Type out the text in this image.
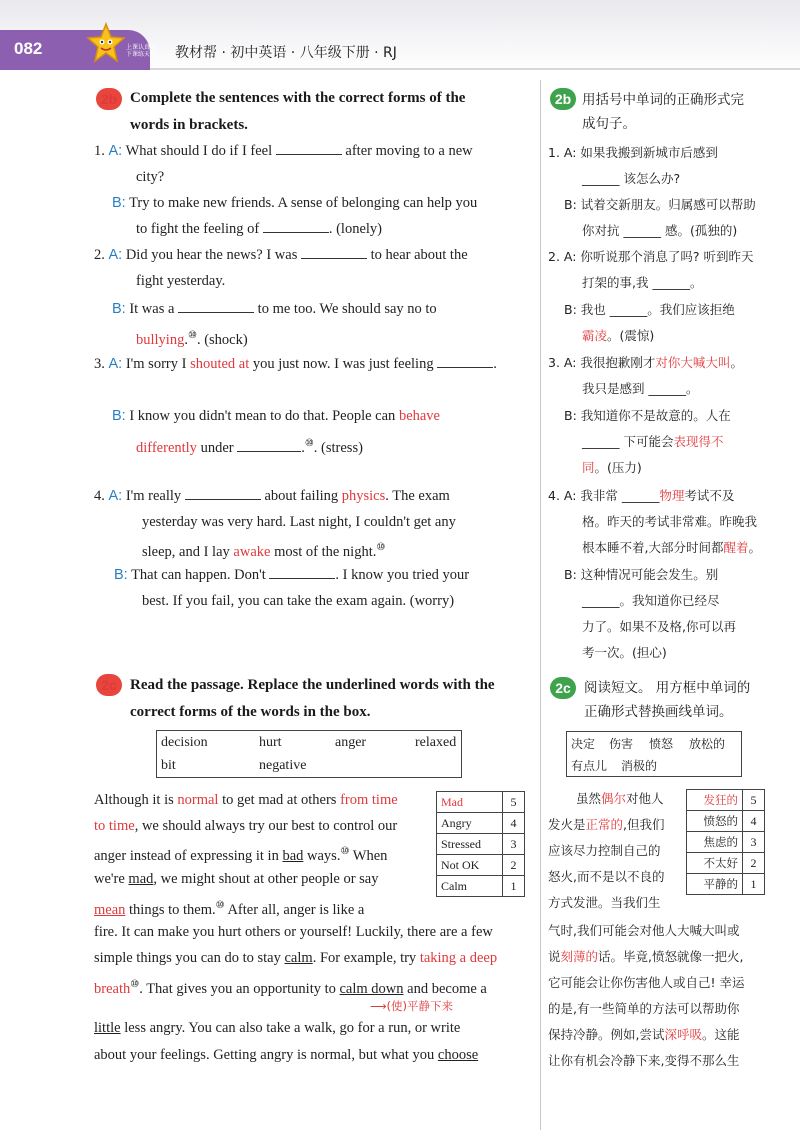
082	上课认真听 下课练天星	教材帮 · 初中英语 · 八年级下册 · RJ
2b Complete the sentences with the correct forms of the
words in brackets.
1. A: What should I do if I feel	after moving to a new
city?
B: Try to make new friends. A sense of belonging can help you
to fight the feeling of	. (lonely)
2. A: Did you hear the news? I was	to hear about the
fight yesterday.
B: It was a	to me too. We should say no to
bullying.⑩. (shock)
3. A: I'm sorry I shouted at you just now. I was just feeling	.
B: I know you didn't mean to do that. People can behave
differently under	.⑩. (stress)
4. A: I'm really	about failing physics. The exam
yesterday was very hard. Last night, I couldn't get any
sleep, and I lay awake most of the night.⑩
B: That can happen. Don't	. I know you tried your
best. If you fail, you can take the exam again. (worry)
2b 用括号中单词的正确形式完
成句子。
1. A: 如果我搬到新城市后感到
______ 该怎么办?
B: 试着交新朋友。归属感可以帮助
你对抗 ______ 感。(孤独的)
2. A: 你听说那个消息了吗? 听到昨天
打架的事,我 ______。
B: 我也 ______。我们应该拒绝
霸凌。(震惊)
3. A: 我很抱歉刚才对你大喊大叫。
我只是感到 ______。
B: 我知道你不是故意的。人在
______ 下可能会表现得不
同。(压力)
4. A: 我非常 ______物理考试不及
格。昨天的考试非常难。昨晚我
根本睡不着,大部分时间都醒着。
B: 这种情况可能会发生。别
______。我知道你已经尽
力了。如果不及格,你可以再
考一次。(担心)
2c Read the passage. Replace the underlined words with the
correct forms of the words in the box.
decision	hurt	anger	relaxed
bit	negative
Although it is normal to get mad at others from time
to time, we should always try our best to control our
anger instead of expressing it in bad ways.⑩ When
we're mad, we might shout at other people or say
mean things to them.⑩ After all, anger is like a
fire. It can make you hurt others or yourself! Luckily, there are a few
simple things you can do to stay calm. For example, try taking a deep
breath⑩. That gives you an opportunity to calm down and become a
⟶(使)平静下来
little less angry. You can also take a walk, go for a run, or write
about your feelings. Getting angry is normal, but what you choose
Mad	5
Angry	4
Stressed	3
Not OK	2
Calm	1
2c 阅读短文。 用方框中单词的
正确形式替换画线单词。
决定 伤害 愤怒 放松的
有点儿 消极的
发狂的	5
愤怒的	4
焦虑的	3
不太好	2
平静的	1
虽然偶尔对他人
发火是正常的,但我们
应该尽力控制自己的
怒火,而不是以不良的
方式发泄。当我们生
气时,我们可能会对他人大喊大叫或
说刻薄的话。毕竟,愤怒就像一把火,
它可能会让你伤害他人或自己! 幸运
的是,有一些简单的方法可以帮助你
保持冷静。例如,尝试深呼吸。这能
让你有机会冷静下来,变得不那么生
